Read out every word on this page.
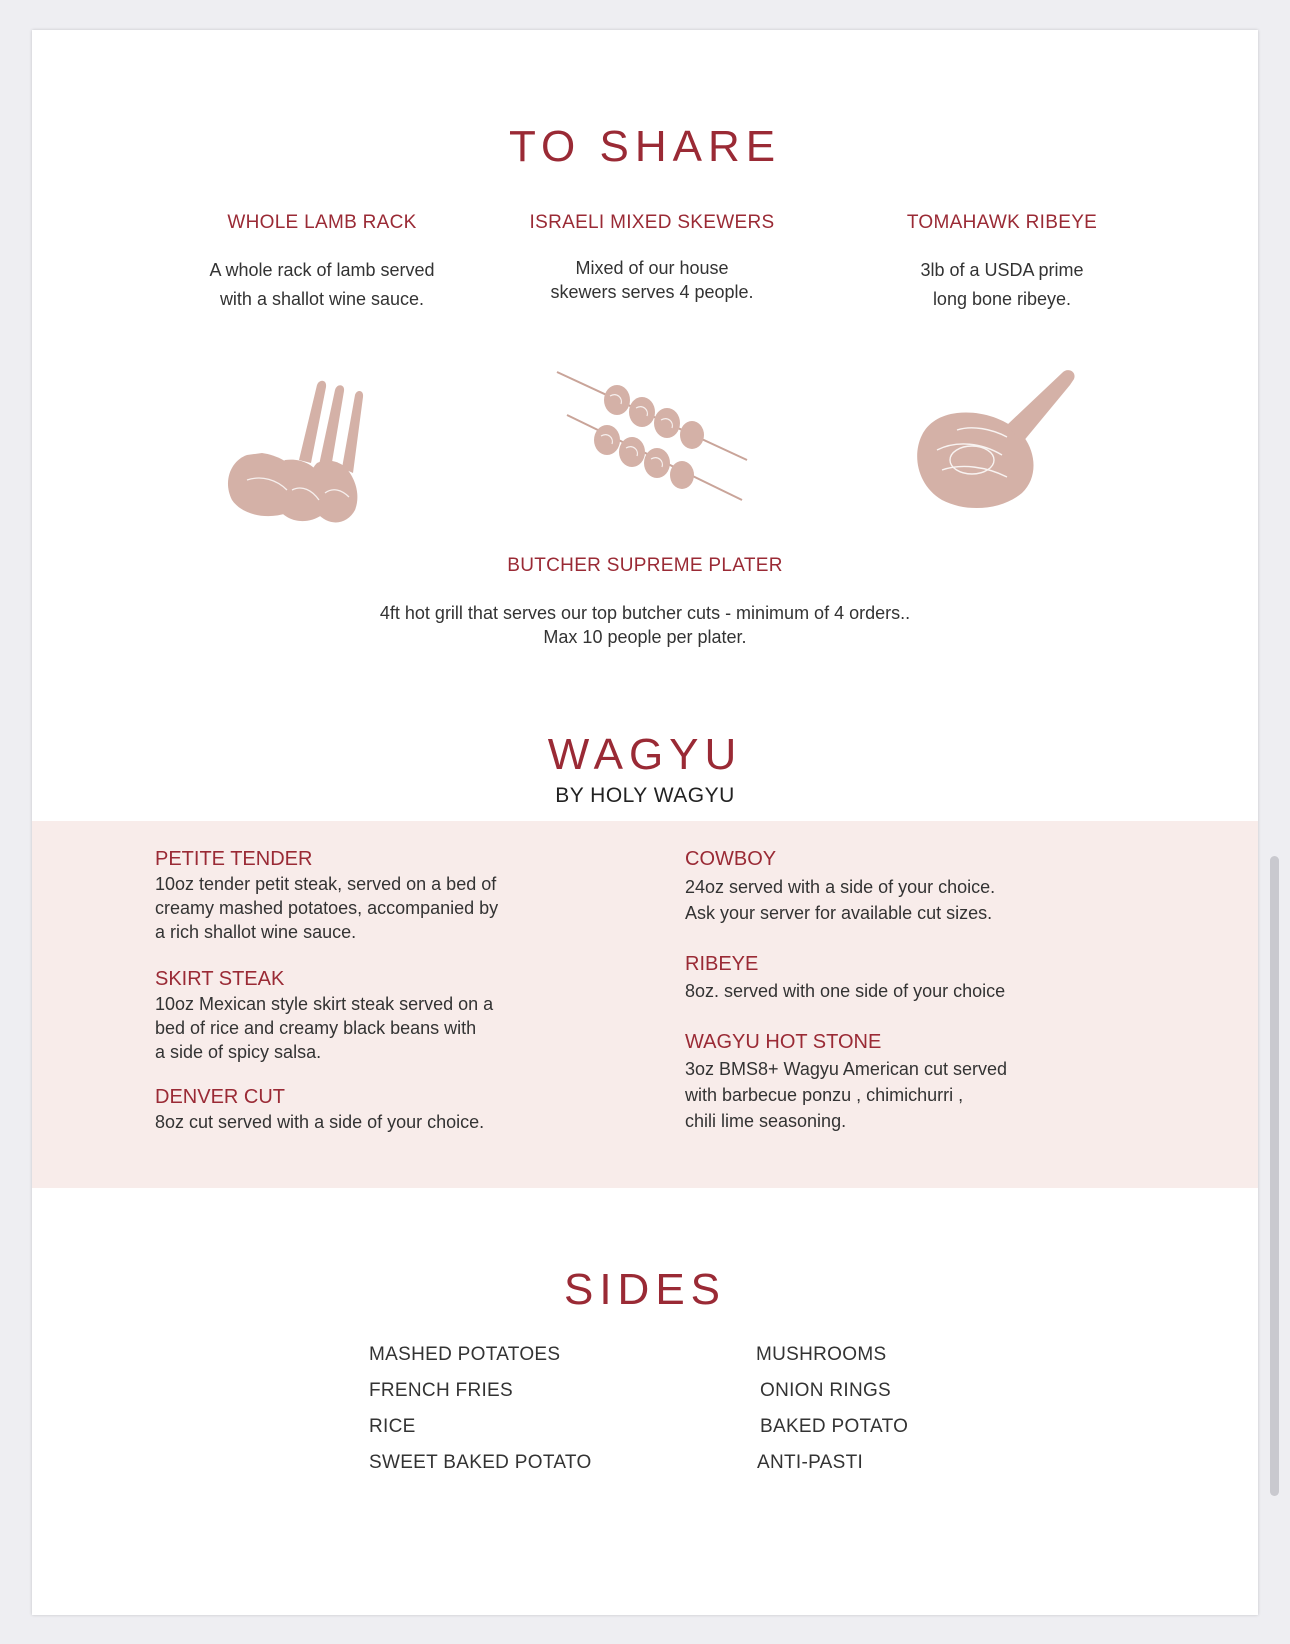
TO SHARE
WHOLE LAMB RACK
A whole rack of lamb served
with a shallot wine sauce.
ISRAELI MIXED SKEWERS
Mixed of our house
skewers serves 4 people.
TOMAHAWK RIBEYE
3lb of a USDA prime
long bone ribeye.
BUTCHER SUPREME PLATER
4ft hot grill that serves our top butcher cuts - minimum of 4 orders..
Max 10 people per plater.
WAGYU
BY HOLY WAGYU
PETITE TENDER
10oz tender petit steak, served on a bed of
creamy mashed potatoes, accompanied by
a rich shallot wine sauce.
SKIRT STEAK
10oz Mexican style skirt steak served on a
bed of rice and creamy black beans with
a side of spicy salsa.
DENVER CUT
8oz cut served with a side of your choice.
COWBOY
24oz served with a side of your choice.
Ask your server for available cut sizes.
RIBEYE
8oz. served with one side of your choice
WAGYU HOT STONE
3oz BMS8+ Wagyu American cut served
with barbecue ponzu , chimichurri ,
chili lime seasoning.
SIDES
MASHED POTATOES
FRENCH FRIES
RICE
SWEET BAKED POTATO
MUSHROOMS
ONION RINGS
BAKED POTATO
ANTI-PASTI
